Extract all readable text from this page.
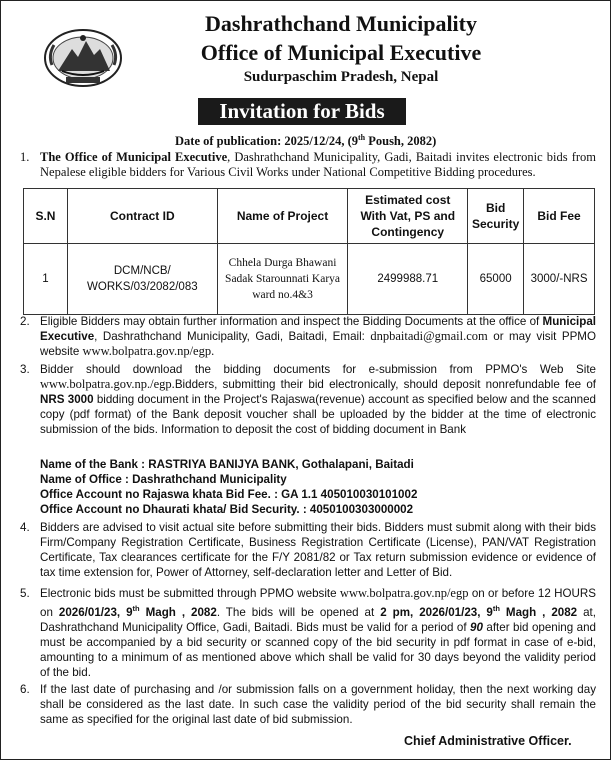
Dashrathchand Municipality
Office of Municipal Executive
Sudurpaschim Pradesh, Nepal
Invitation for Bids
Date of publication: 2025/12/24, (9th Poush, 2082)
1. The Office of Municipal Executive, Dashrathchand Municipality, Gadi, Baitadi invites electronic bids from Nepalese eligible bidders for Various Civil Works under National Competitive Bidding procedures.
S.N	Contract ID	Name of Project	Estimated cost With Vat, PS and Contingency	Bid Security	Bid Fee
1	DCM/NCB/ WORKS/03/2082/083	Chhela Durga Bhawani Sadak Starounnati Karya ward no.4&3	2499988.71	65000	3000/-NRS
2. Eligible Bidders may obtain further information and inspect the Bidding Documents at the office of Municipal Executive, Dashrathchand Municipality, Gadi, Baitadi, Email: dnpbaitadi@gmail.com or may visit PPMO website www.bolpatra.gov.np/egp.
3. Bidder should download the bidding documents for e-submission from PPMO's Web Site www.bolpatra.gov.np./egp.Bidders, submitting their bid electronically, should deposit nonrefundable fee of NRS 3000 bidding document in the Project's Rajaswa(revenue) account as specified below and the scanned copy (pdf format) of the Bank deposit voucher shall be uploaded by the bidder at the time of electronic submission of the bids. Information to deposit the cost of bidding document in Bank
Name of the Bank : RASTRIYA BANIJYA BANK, Gothalapani, Baitadi
Name of Office : Dashrathchand Municipality
Office Account no Rajaswa khata Bid Fee. : GA 1.1 405010030101002
Office Account no Dhaurati khata/ Bid Security. : 4050100303000002
4. Bidders are advised to visit actual site before submitting their bids. Bidders must submit along with their bids Firm/Company Registration Certificate, Business Registration Certificate (License), PAN/VAT Registration Certificate, Tax clearances certificate for the F/Y 2081/82 or Tax return submission evidence or evidence of tax time extension for, Power of Attorney, self-declaration letter and Letter of Bid.
5. Electronic bids must be submitted through PPMO website www.bolpatra.gov.np/egp on or before 12 HOURS on 2026/01/23, 9th Magh , 2082. The bids will be opened at 2 pm, 2026/01/23, 9th Magh , 2082 at, Dashrathchand Municipality Office, Gadi, Baitadi. Bids must be valid for a period of 90 after bid opening and must be accompanied by a bid security or scanned copy of the bid security in pdf format in case of e-bid, amounting to a minimum of as mentioned above which shall be valid for 30 days beyond the validity period of the bid.
6. If the last date of purchasing and /or submission falls on a government holiday, then the next working day shall be considered as the last date. In such case the validity period of the bid security shall remain the same as specified for the original last date of bid submission.
Chief Administrative Officer.
